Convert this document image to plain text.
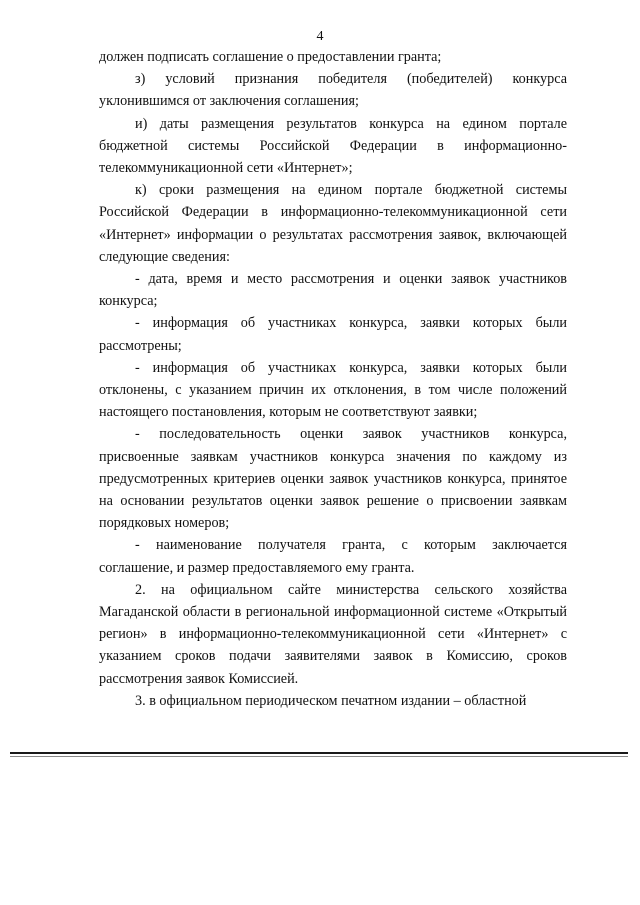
4

должен подписать соглашение о предоставлении гранта;

з) условий признания победителя (победителей) конкурса уклонившимся от заключения соглашения;

и) даты размещения результатов конкурса на едином портале бюджетной системы Российской Федерации в информационно-телекоммуникационной сети «Интернет»;

к) сроки размещения на едином портале бюджетной системы Российской Федерации в информационно-телекоммуникационной сети «Интернет» информации о результатах рассмотрения заявок, включающей следующие сведения:

- дата, время и место рассмотрения и оценки заявок участников конкурса;

- информация об участниках конкурса, заявки которых были рассмотрены;

- информация об участниках конкурса, заявки которых были отклонены, с указанием причин их отклонения, в том числе положений настоящего постановления, которым не соответствуют заявки;

- последовательность оценки заявок участников конкурса, присвоенные заявкам участников конкурса значения по каждому из предусмотренных критериев оценки заявок участников конкурса, принятое на основании результатов оценки заявок решение о присвоении заявкам порядковых номеров;

- наименование получателя гранта, с которым заключается соглашение, и размер предоставляемого ему гранта.

2. на официальном сайте министерства сельского хозяйства Магаданской области в региональной информационной системе «Открытый регион» в информационно-телекоммуникационной сети «Интернет» с указанием сроков подачи заявителями заявок в Комиссию, сроков рассмотрения заявок Комиссией.

3. в официальном периодическом печатном издании – областной
